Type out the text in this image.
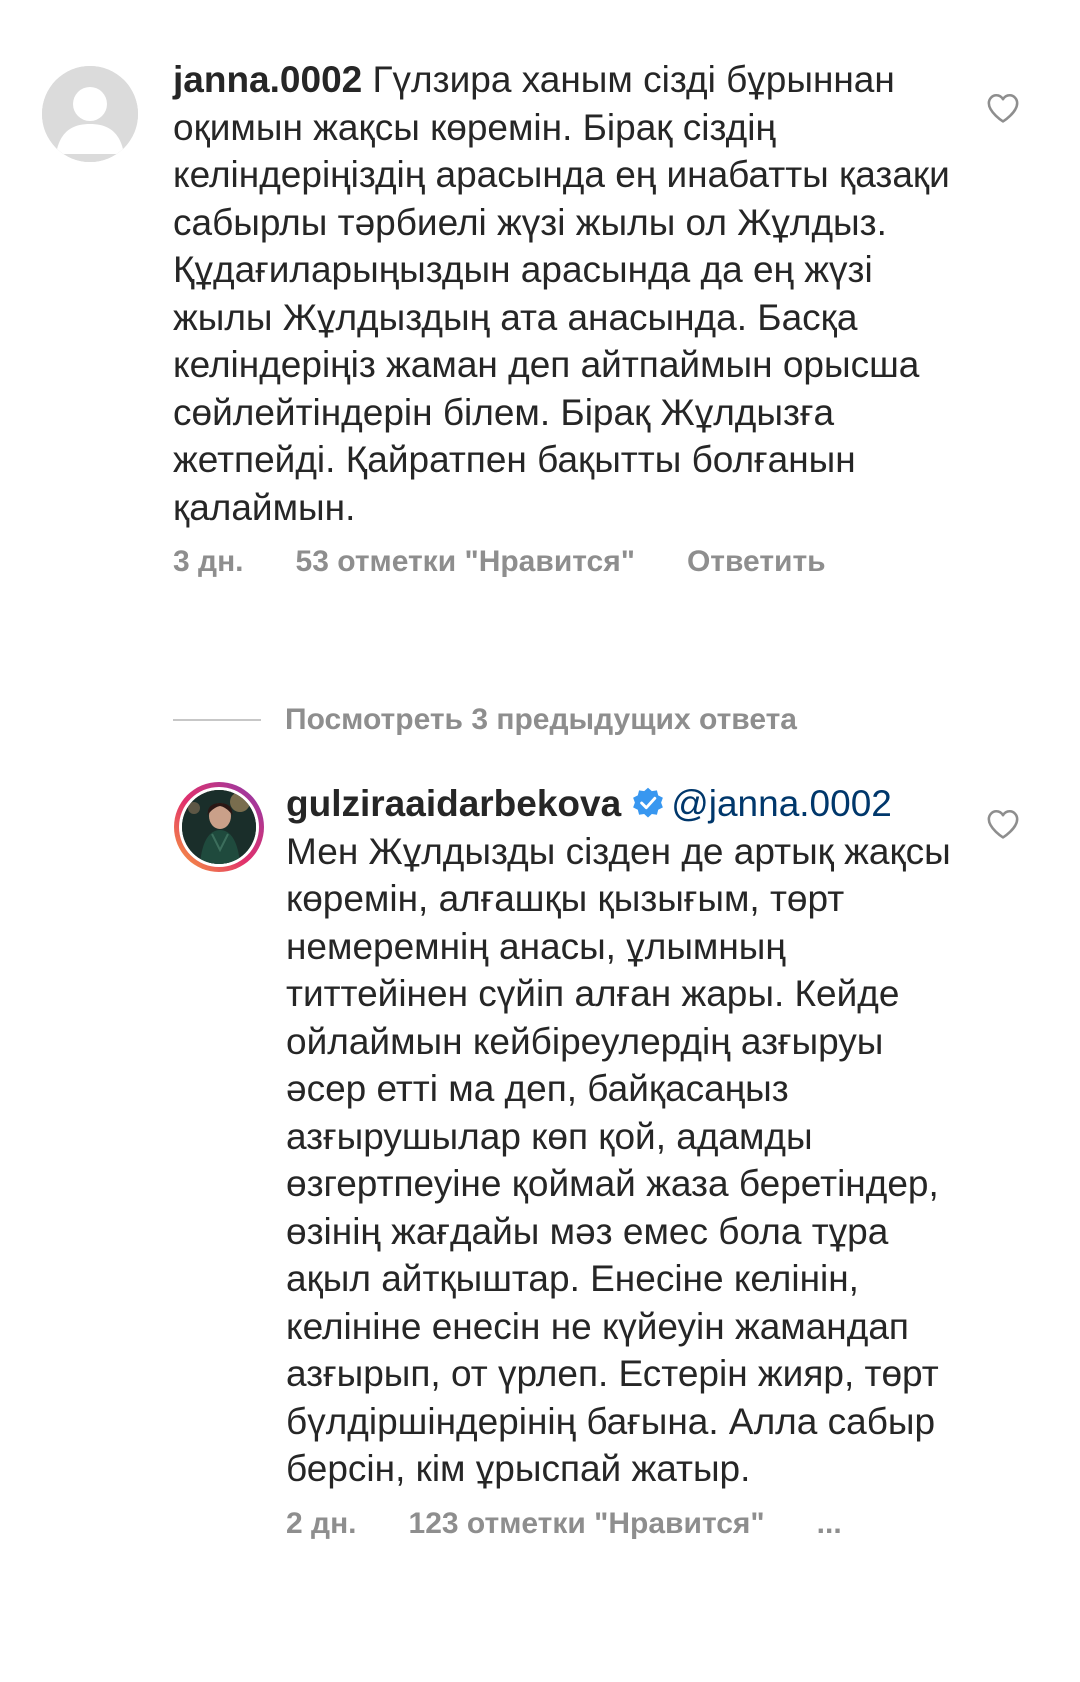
janna.0002 Гүлзира ханым сізді бұрыннан оқимын жақсы көремін. Бірақ сіздің келіндеріңіздің арасында ең инабатты қазақи сабырлы тәрбиелі жүзі жылы ол Жұлдыз. Құдағиларыңыздын арасында да ең жүзі жылы Жұлдыздың ата анасында. Басқа келіндеріңіз жаман деп айтпаймын орысша сөйлейтіндерін білем. Бірақ Жұлдызға жетпейді. Қайратпен бақытты болғанын қалаймын.

3 дн. 53 отметки "Нравится" Ответить
Посмотреть 3 предыдущих ответа

gulziraaidarbekova @janna.0002 Мен Жұлдызды сізден де артық жақсы көремін, алғашқы қызығым, төрт немеремнің анасы, ұлымның титтейінен сүйіп алған жары. Кейде ойлаймын кейбіреулердің азғыруы әсер етті ма деп, байқасаңыз азғырушылар көп қой, адамды өзгертпеуіне қоймай жаза беретіндер, өзінің жағдайы мәз емес бола тұра ақыл айтқыштар. Енесіне келінін, келініне енесін не күйеуін жамандап азғырып, от үрлеп. Естерін жияр, төрт бүлдіршіндерінің бағына. Алла сабыр берсін, кім ұрыспай жатыр.

2 дн. 123 отметки "Нравится" ...
